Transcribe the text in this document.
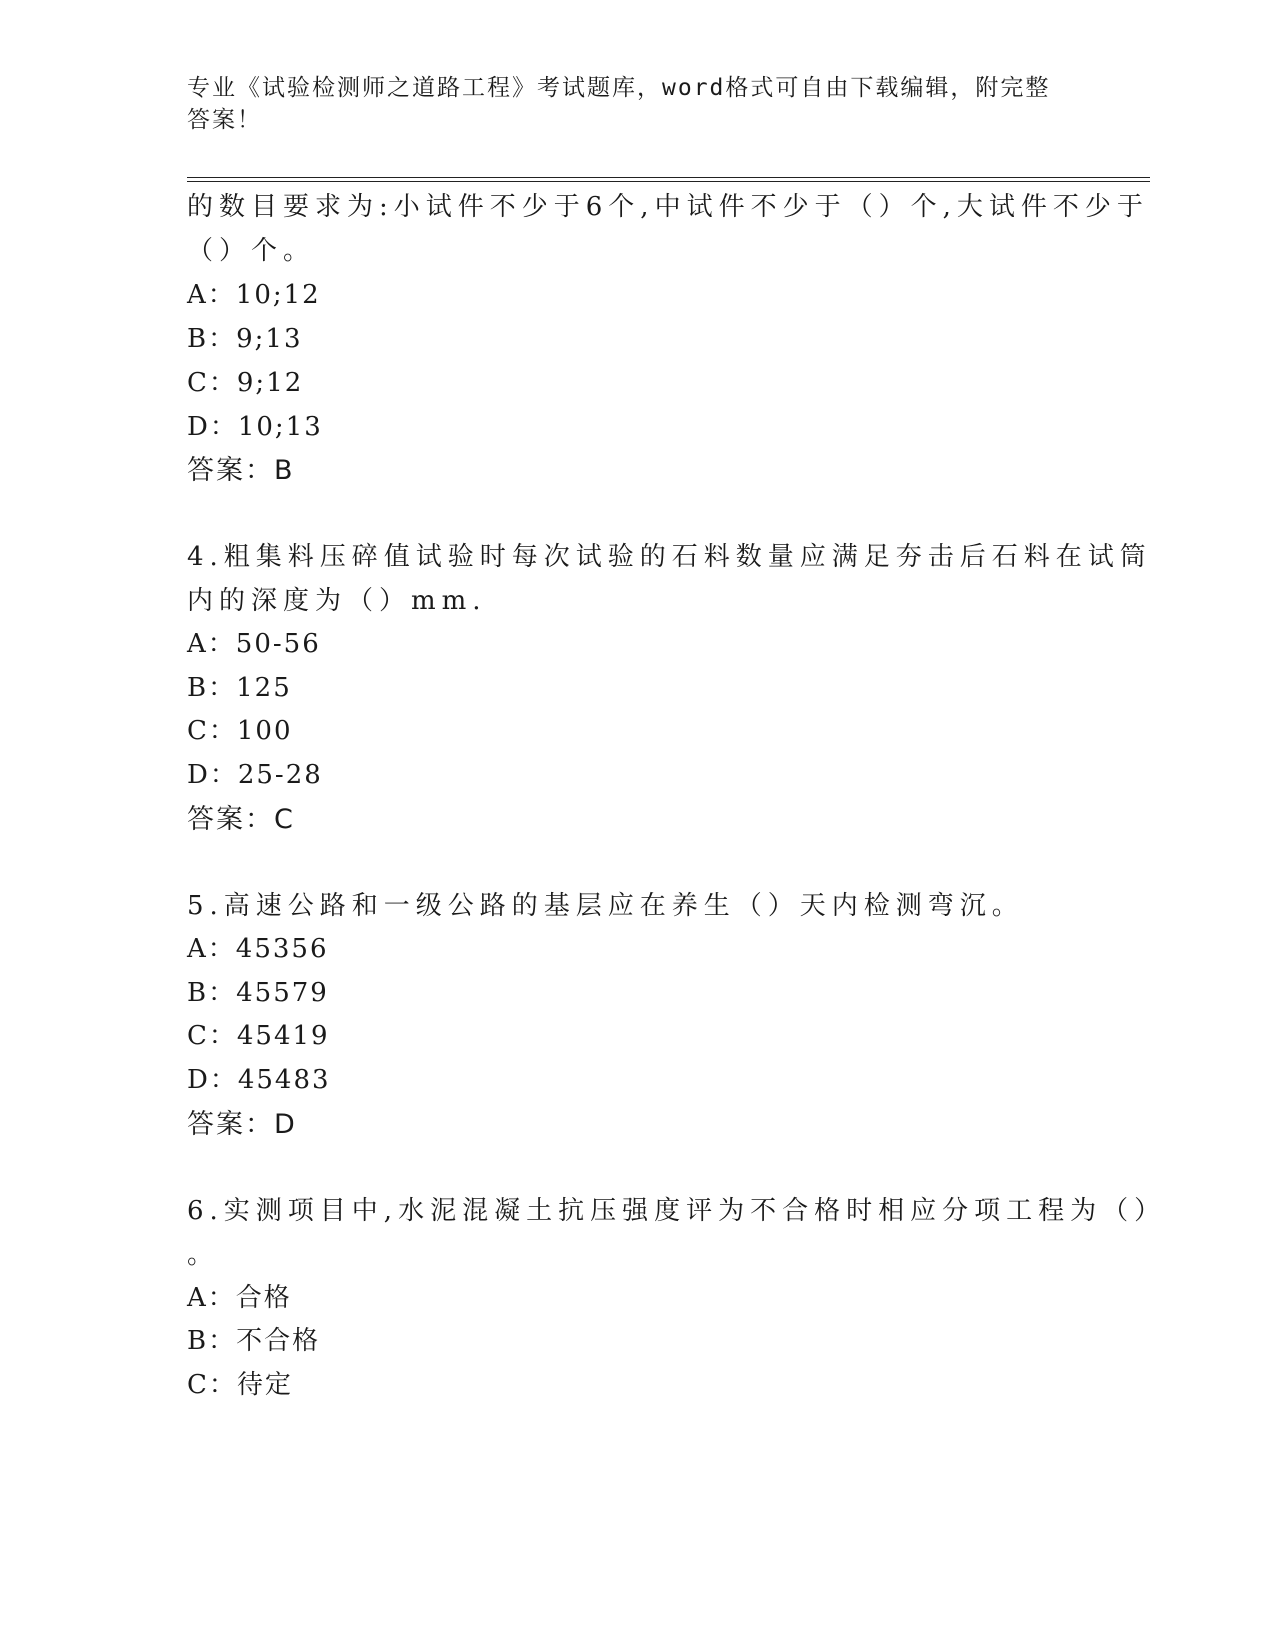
专业《试验检测师之道路工程》考试题库，word格式可自由下载编辑，附完整答案！
的数目要求为:小试件不少于6个,中试件不少于（）个,大试件不少于
（）个。
A：10;12
B：9;13
C：9;12
D：10;13
答案：B
4.粗集料压碎值试验时每次试验的石料数量应满足夯击后石料在试筒
内的深度为（）mm.
A：50-56
B：125
C：100
D：25-28
答案：C
5.高速公路和一级公路的基层应在养生（）天内检测弯沉。
A：45356
B：45579
C：45419
D：45483
答案：D
6.实测项目中,水泥混凝土抗压强度评为不合格时相应分项工程为（）
。
A：合格
B：不合格
C：待定
